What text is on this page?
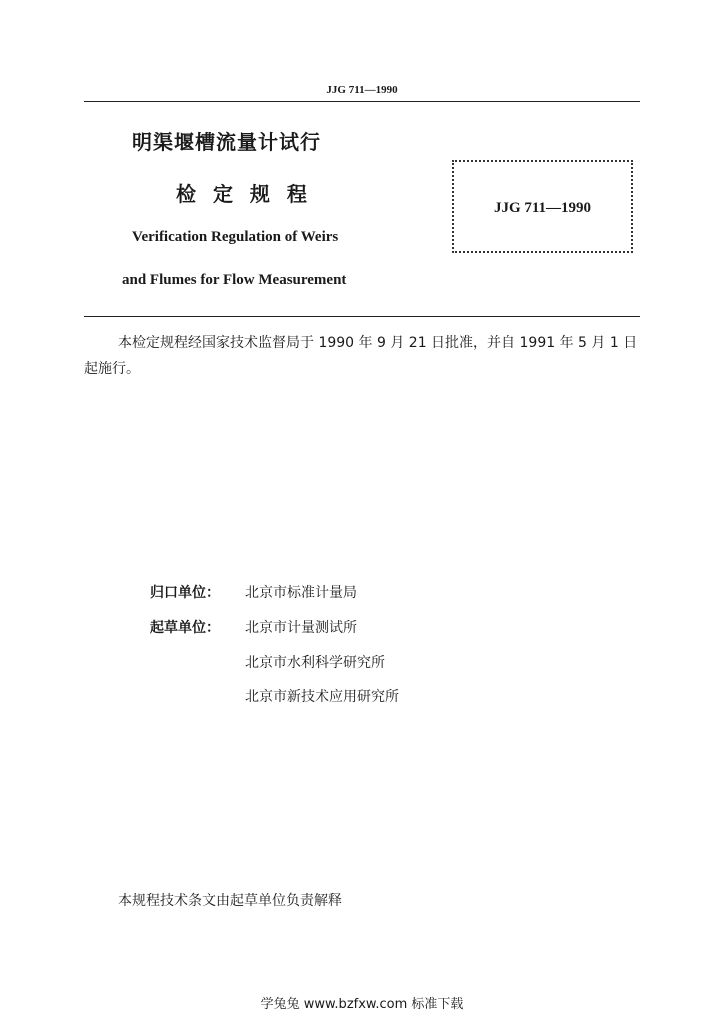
JJG 711—1990
明渠堰槽流量计试行
检 定 规 程
Verification Regulation of Weirs
and Flumes for Flow Measurement
JJG 711—1990

本检定规程经国家技术监督局于 1990 年 9 月 21 日批准，并自 1991 年 5 月 1 日起施行。

归口单位： 北京市标准计量局
起草单位： 北京市计量测试所
北京市水利科学研究所
北京市新技术应用研究所
本规程技术条文由起草单位负责解释
学兔兔 www.bzfxw.com 标准下载
